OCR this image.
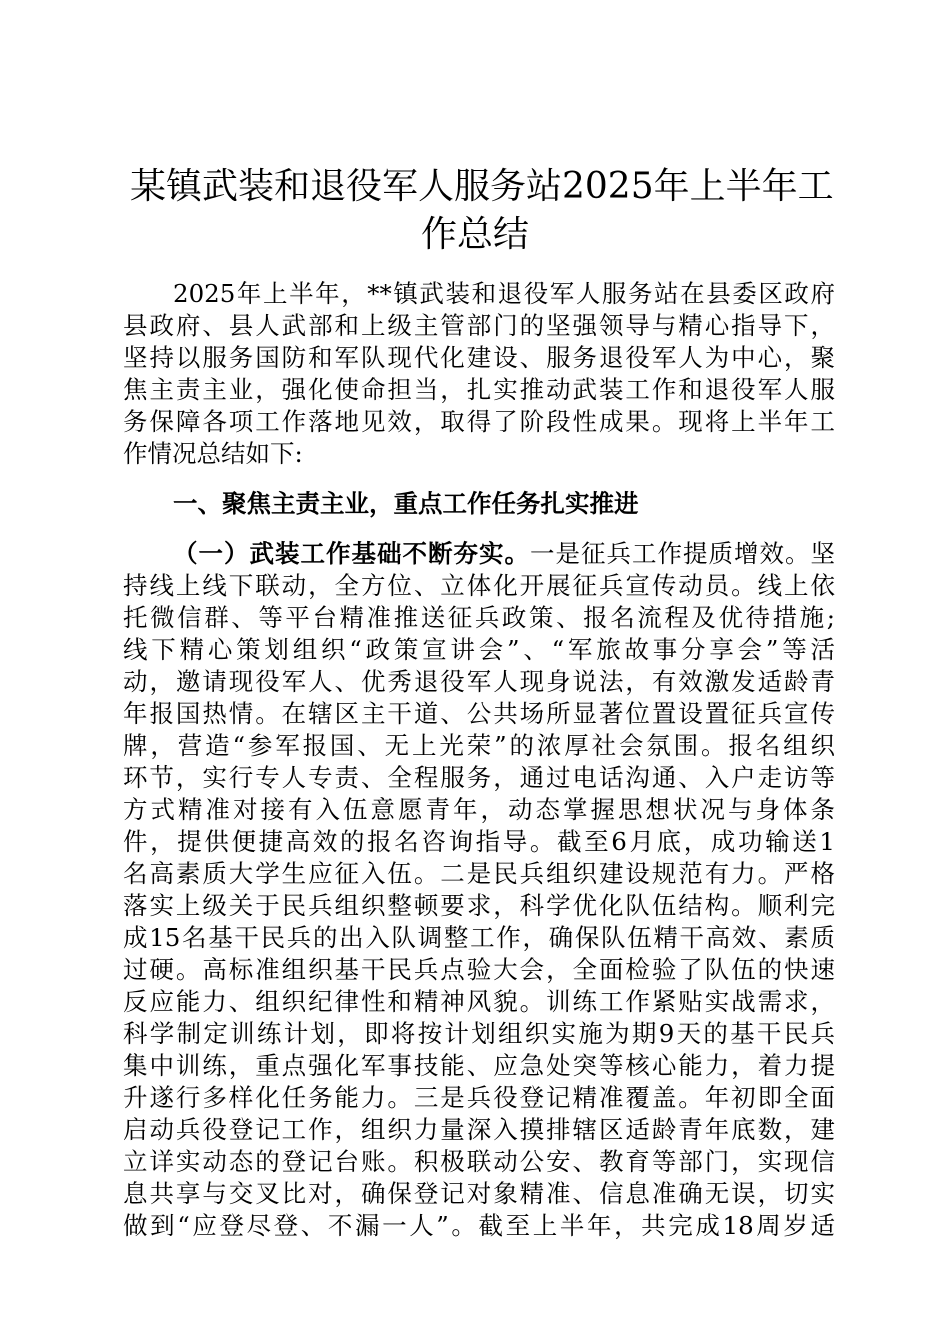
某镇武装和退役军人服务站2025年上半年工
作总结
2025年上半年，**镇武装和退役军人服务站在县委区政府
县政府、县人武部和上级主管部门的坚强领导与精心指导下，
坚持以服务国防和军队现代化建设、服务退役军人为中心，聚
焦主责主业，强化使命担当，扎实推动武装工作和退役军人服
务保障各项工作落地见效，取得了阶段性成果。现将上半年工
作情况总结如下:
一、聚焦主责主业，重点工作任务扎实推进
（一）武装工作基础不断夯实。一是征兵工作提质增效。坚
持线上线下联动，全方位、立体化开展征兵宣传动员。线上依
托微信群、等平台精准推送征兵政策、报名流程及优待措施;
线下精心策划组织“政策宣讲会”、“军旅故事分享会”等活
动，邀请现役军人、优秀退役军人现身说法，有效激发适龄青
年报国热情。在辖区主干道、公共场所显著位置设置征兵宣传
牌，营造“参军报国、无上光荣”的浓厚社会氛围。报名组织
环节，实行专人专责、全程服务，通过电话沟通、入户走访等
方式精准对接有入伍意愿青年，动态掌握思想状况与身体条
件，提供便捷高效的报名咨询指导。截至6月底，成功输送1
名高素质大学生应征入伍。二是民兵组织建设规范有力。严格
落实上级关于民兵组织整顿要求，科学优化队伍结构。顺利完
成15名基干民兵的出入队调整工作，确保队伍精干高效、素质
过硬。高标准组织基干民兵点验大会，全面检验了队伍的快速
反应能力、组织纪律性和精神风貌。训练工作紧贴实战需求，
科学制定训练计划，即将按计划组织实施为期9天的基干民兵
集中训练，重点强化军事技能、应急处突等核心能力，着力提
升遂行多样化任务能力。三是兵役登记精准覆盖。年初即全面
启动兵役登记工作，组织力量深入摸排辖区适龄青年底数，建
立详实动态的登记台账。积极联动公安、教育等部门，实现信
息共享与交叉比对，确保登记对象精准、信息准确无误，切实
做到“应登尽登、不漏一人”。截至上半年，共完成18周岁适
